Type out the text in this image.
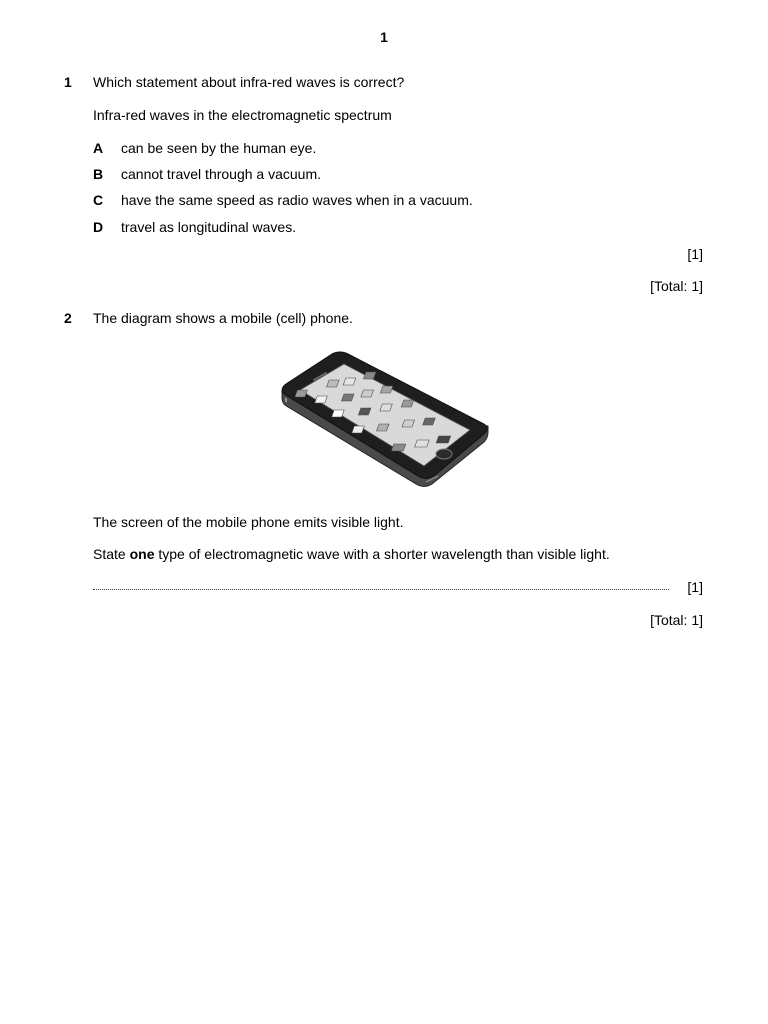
1
1 Which statement about infra-red waves is correct?
Infra-red waves in the electromagnetic spectrum
A can be seen by the human eye.
B cannot travel through a vacuum.
C have the same speed as radio waves when in a vacuum.
D travel as longitudinal waves.
[1]
[Total: 1]
2 The diagram shows a mobile (cell) phone.
The screen of the mobile phone emits visible light.
State one type of electromagnetic wave with a shorter wavelength than visible light.
[1]
[Total: 1]
